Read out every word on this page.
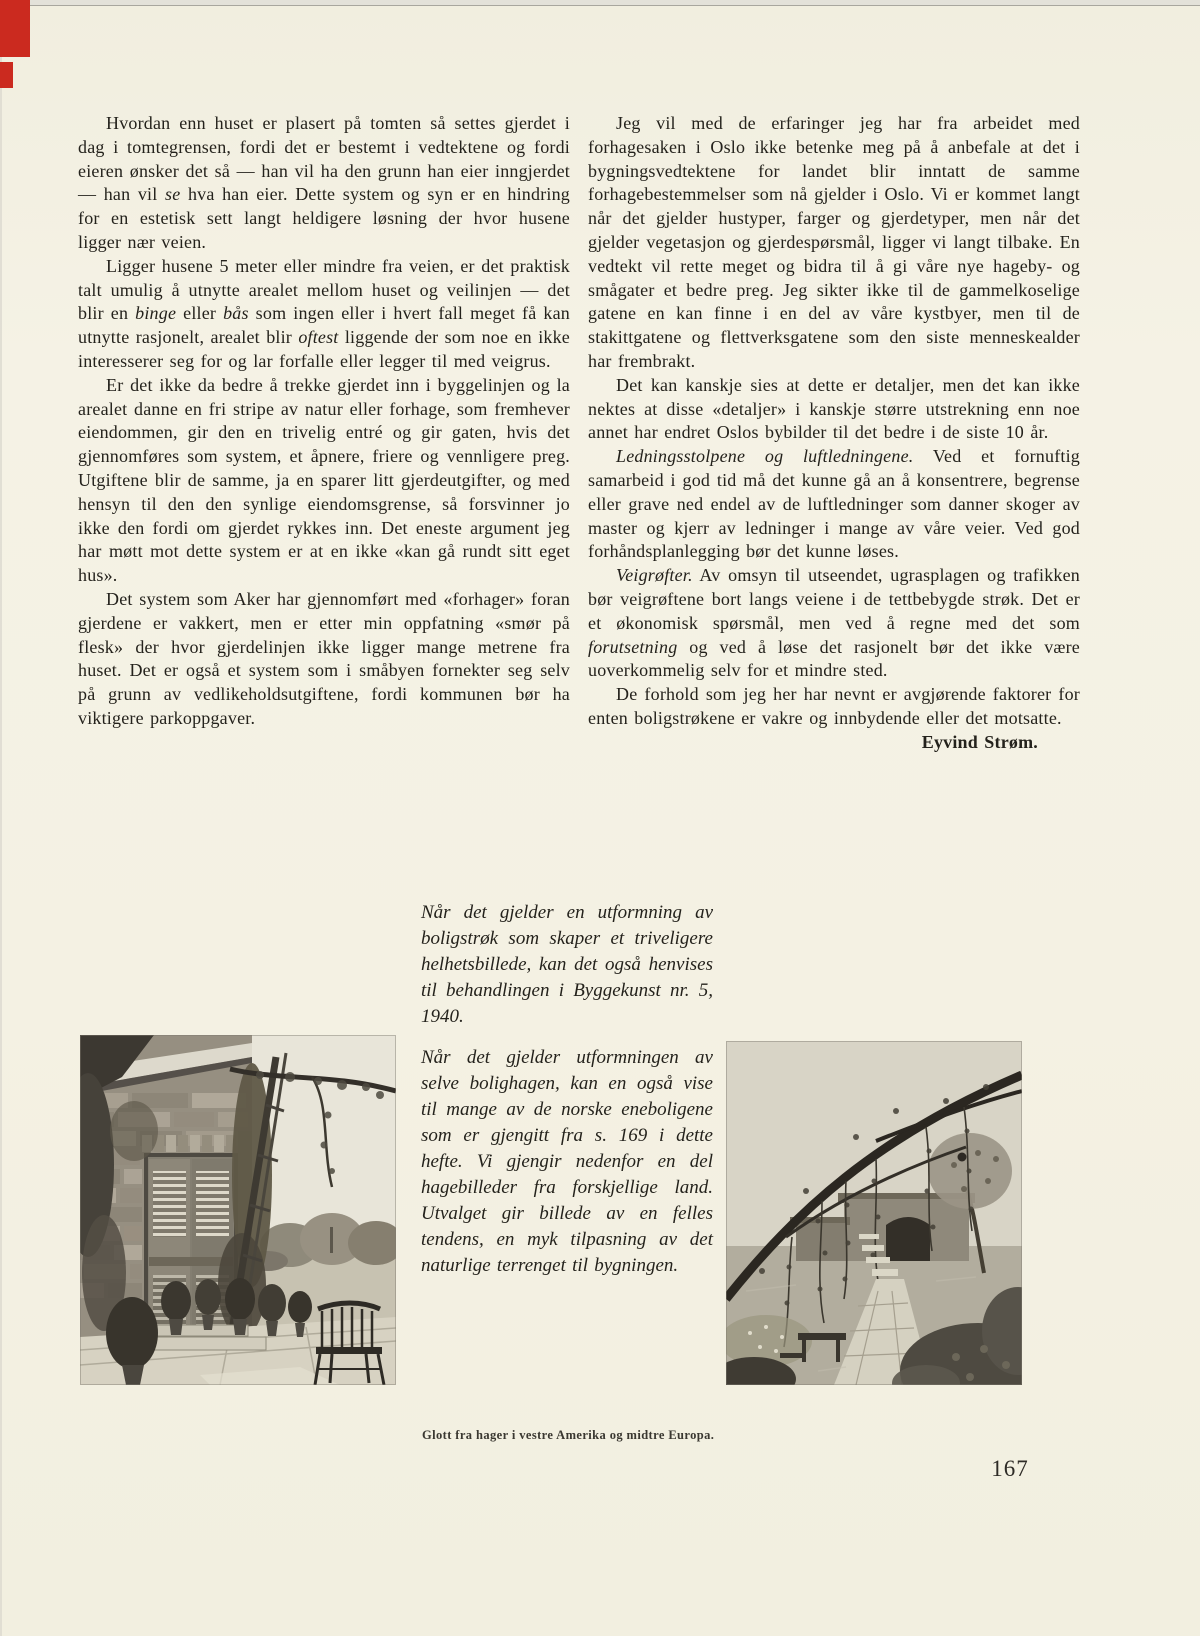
Hvordan enn huset er plasert på tomten så settes gjerdet i dag i tomtegrensen, fordi det er bestemt i vedtektene og fordi eieren ønsker det så — han vil ha den grunn han eier inngjerdet — han vil se hva han eier. Dette system og syn er en hindring for en estetisk sett langt heldigere løsning der hvor husene ligger nær veien.

Ligger husene 5 meter eller mindre fra veien, er det praktisk talt umulig å utnytte arealet mellom huset og veilinjen — det blir en binge eller bås som ingen eller i hvert fall meget få kan utnytte rasjonelt, arealet blir oftest liggende der som noe en ikke interesserer seg for og lar forfalle eller legger til med veigrus.

Er det ikke da bedre å trekke gjerdet inn i byggelinjen og la arealet danne en fri stripe av natur eller forhage, som fremhever eiendommen, gir den en trivelig entré og gir gaten, hvis det gjennomføres som system, et åpnere, friere og vennligere preg. Utgiftene blir de samme, ja en sparer litt gjerdeutgifter, og med hensyn til den den synlige eiendomsgrense, så forsvinner jo ikke den fordi om gjerdet rykkes inn. Det eneste argument jeg har møtt mot dette system er at en ikke «kan gå rundt sitt eget hus».

Det system som Aker har gjennomført med «forhager» foran gjerdene er vakkert, men er etter min oppfatning «smør på flesk» der hvor gjerdelinjen ikke ligger mange metrene fra huset. Det er også et system som i småbyen fornekter seg selv på grunn av vedlikeholdsutgiftene, fordi kommunen bør ha viktigere parkoppgaver.

Jeg vil med de erfaringer jeg har fra arbeidet med forhagesaken i Oslo ikke betenke meg på å anbefale at det i bygningsvedtektene for landet blir inntatt de samme forhagebestemmelser som nå gjelder i Oslo. Vi er kommet langt når det gjelder hustyper, farger og gjerdetyper, men når det gjelder vegetasjon og gjerdespørsmål, ligger vi langt tilbake. En vedtekt vil rette meget og bidra til å gi våre nye hageby- og smågater et bedre preg. Jeg sikter ikke til de gammelkoselige gatene en kan finne i en del av våre kystbyer, men til de stakittgatene og flettverksgatene som den siste menneskealder har frembrakt.

Det kan kanskje sies at dette er detaljer, men det kan ikke nektes at disse «detaljer» i kanskje større utstrekning enn noe annet har endret Oslos bybilder til det bedre i de siste 10 år.

Ledningsstolpene og luftledningene. Ved et fornuftig samarbeid i god tid må det kunne gå an å konsentrere, begrense eller grave ned endel av de luftledninger som danner skoger av master og kjerr av ledninger i mange av våre veier. Ved god forhåndsplanlegging bør det kunne løses.

Veigrøfter. Av omsyn til utseendet, ugrasplagen og trafikken bør veigrøftene bort langs veiene i de tettbebygde strøk. Det er et økonomisk spørsmål, men ved å regne med det som forutsetning og ved å løse det rasjonelt bør det ikke være uoverkommelig selv for et mindre sted.

De forhold som jeg her har nevnt er avgjørende faktorer for enten boligstrøkene er vakre og innbydende eller det motsatte.

Eyvind Strøm.

Når det gjelder en utformning av boligstrøk som skaper et triveligere helhetsbillede, kan det også henvises til behandlingen i Byggekunst nr. 5, 1940.

Når det gjelder utformningen av selve bolighagen, kan en også vise til mange av de norske eneboligene som er gjengitt fra s. 169 i dette hefte. Vi gjengir nedenfor en del hagebilleder fra forskjellige land. Utvalget gir billede av en felles tendens, en myk tilpasning av det naturlige terrenget til bygningen.

Glott fra hager i vestre Amerika og midtre Europa.
167
